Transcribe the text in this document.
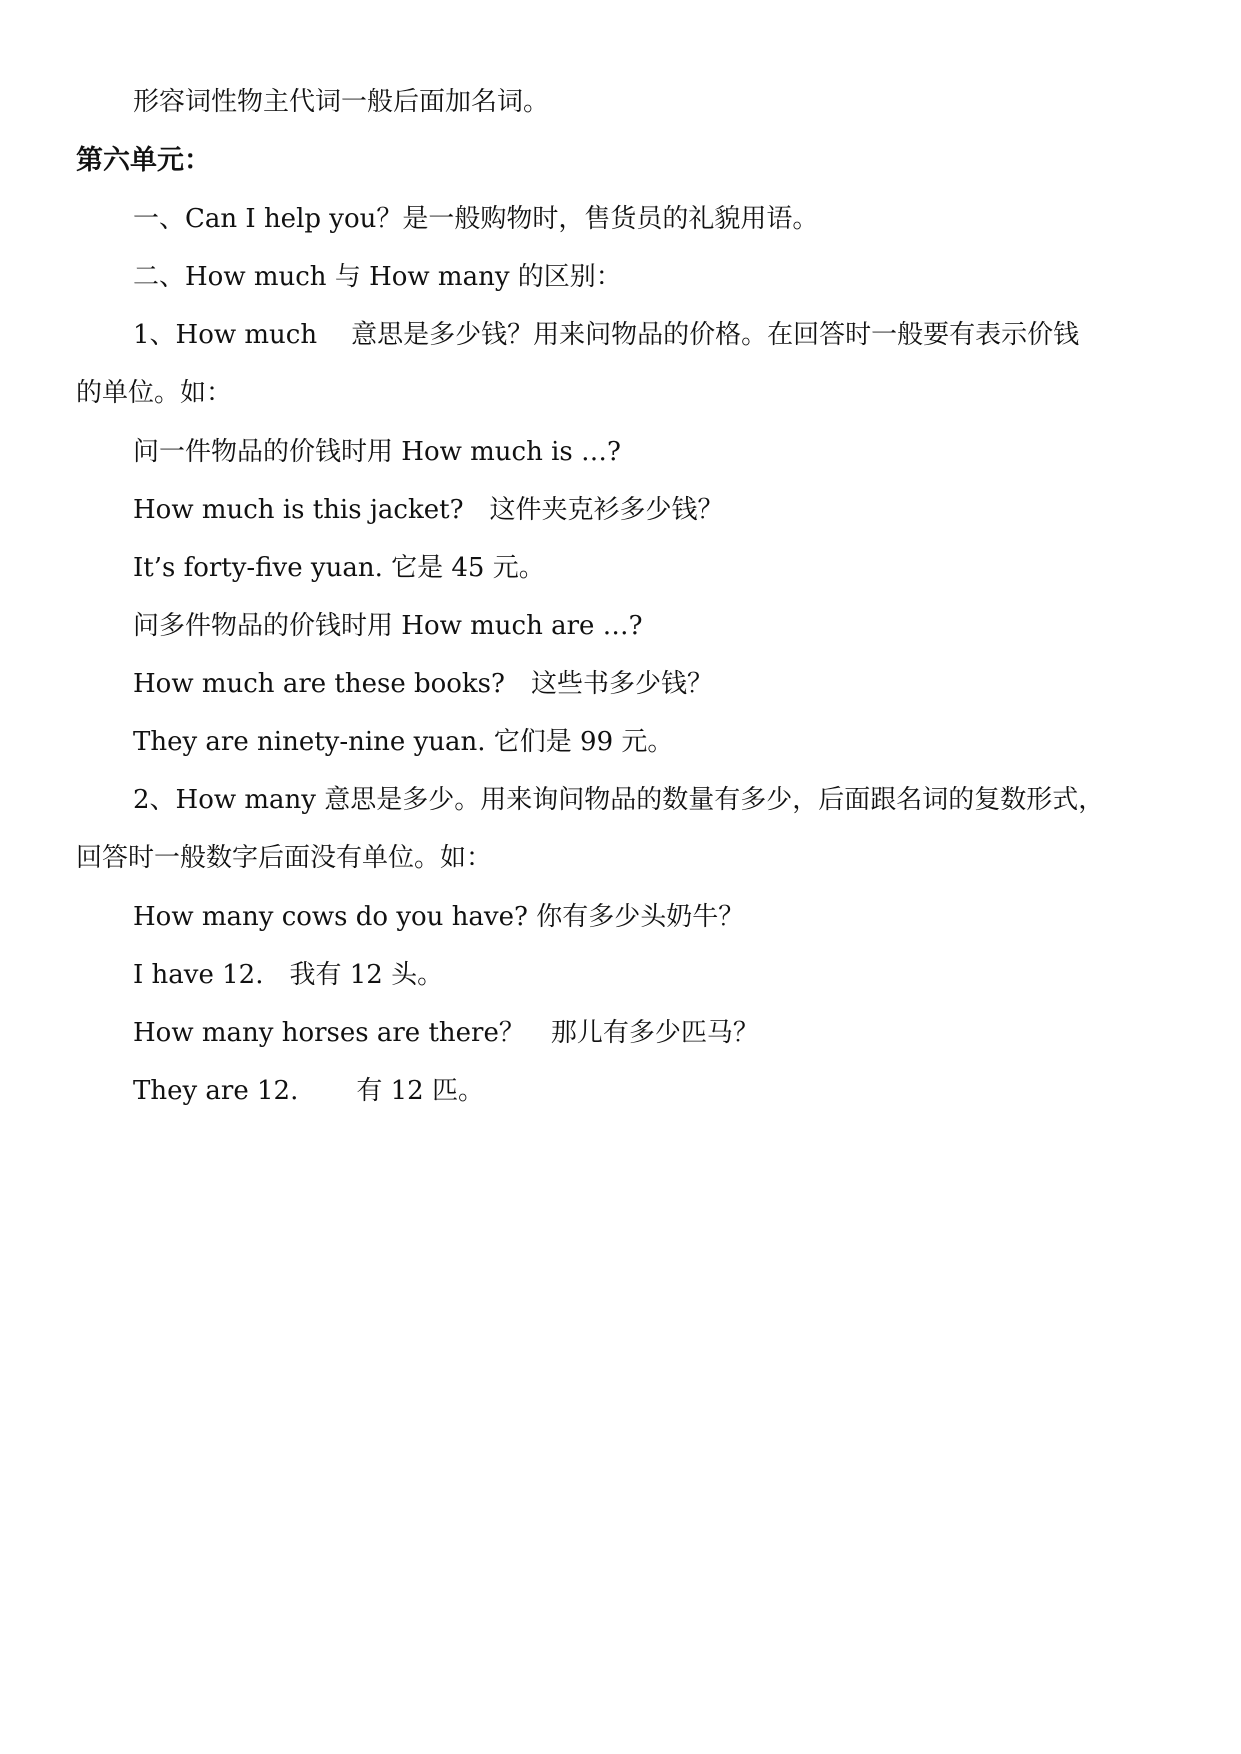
形容词性物主代词一般后面加名词。
第六单元：
一、Can I help you？是一般购物时，售货员的礼貌用语。
二、How much 与 How many 的区别：
1、How much 意思是多少钱？用来问物品的价格。在回答时一般要有表示价钱
的单位。如：
问一件物品的价钱时用 How much is …?
How much is this jacket? 这件夹克衫多少钱？
It’s forty-five yuan. 它是 45 元。
问多件物品的价钱时用 How much are …?
How much are these books? 这些书多少钱？
They are ninety-nine yuan. 它们是 99 元。
2、How many 意思是多少。用来询问物品的数量有多少，后面跟名词的复数形式，
回答时一般数字后面没有单位。如：
How many cows do you have? 你有多少头奶牛？
I have 12. 我有 12 头。
How many horses are there？ 那儿有多少匹马？
They are 12. 有 12 匹。
